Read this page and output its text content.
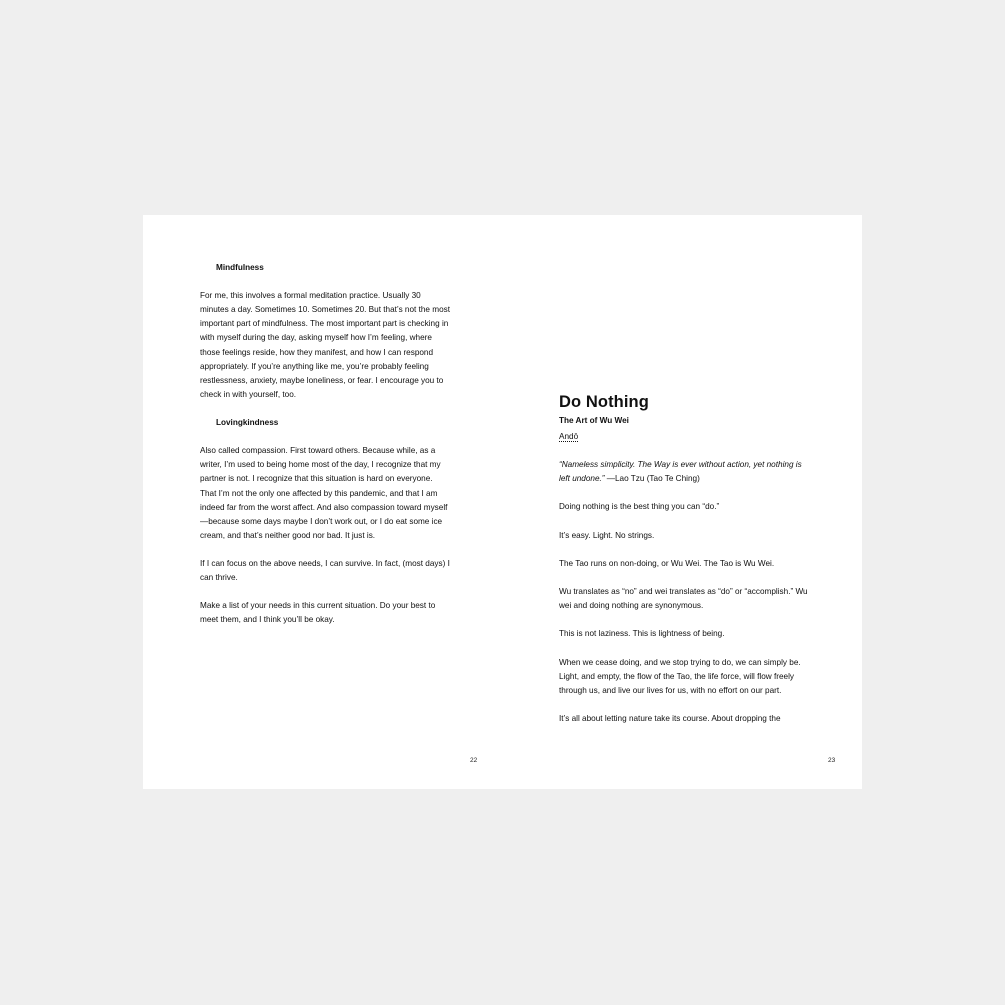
Mindfulness

For me, this involves a formal meditation practice. Usually 30 minutes a day. Sometimes 10. Sometimes 20. But that’s not the most important part of mindfulness. The most important part is checking in with myself during the day, asking myself how I’m feeling, where those feelings reside, how they manifest, and how I can respond appropriately. If you’re anything like me, you’re probably feeling restlessness, anxiety, maybe loneliness, or fear. I encourage you to check in with yourself, too.

Lovingkindness

Also called compassion. First toward others. Because while, as a writer, I’m used to being home most of the day, I recognize that my partner is not. I recognize that this situation is hard on everyone. That I’m not the only one affected by this pandemic, and that I am indeed far from the worst affect. And also compassion toward myself—because some days maybe I don’t work out, or I do eat some ice cream, and that’s neither good nor bad. It just is.

If I can focus on the above needs, I can survive. In fact, (most days) I can thrive.

Make a list of your needs in this current situation. Do your best to meet them, and I think you’ll be okay.

22

Do Nothing

The Art of Wu Wei

Andō

“Nameless simplicity. The Way is ever without action, yet nothing is left undone.” —Lao Tzu (Tao Te Ching)

Doing nothing is the best thing you can “do.”

It’s easy. Light. No strings.

The Tao runs on non-doing, or Wu Wei. The Tao is Wu Wei.

Wu translates as “no” and wei translates as “do” or “accomplish.” Wu wei and doing nothing are synonymous.

This is not laziness. This is lightness of being.

When we cease doing, and we stop trying to do, we can simply be. Light, and empty, the flow of the Tao, the life force, will flow freely through us, and live our lives for us, with no effort on our part.

It’s all about letting nature take its course. About dropping the

23
